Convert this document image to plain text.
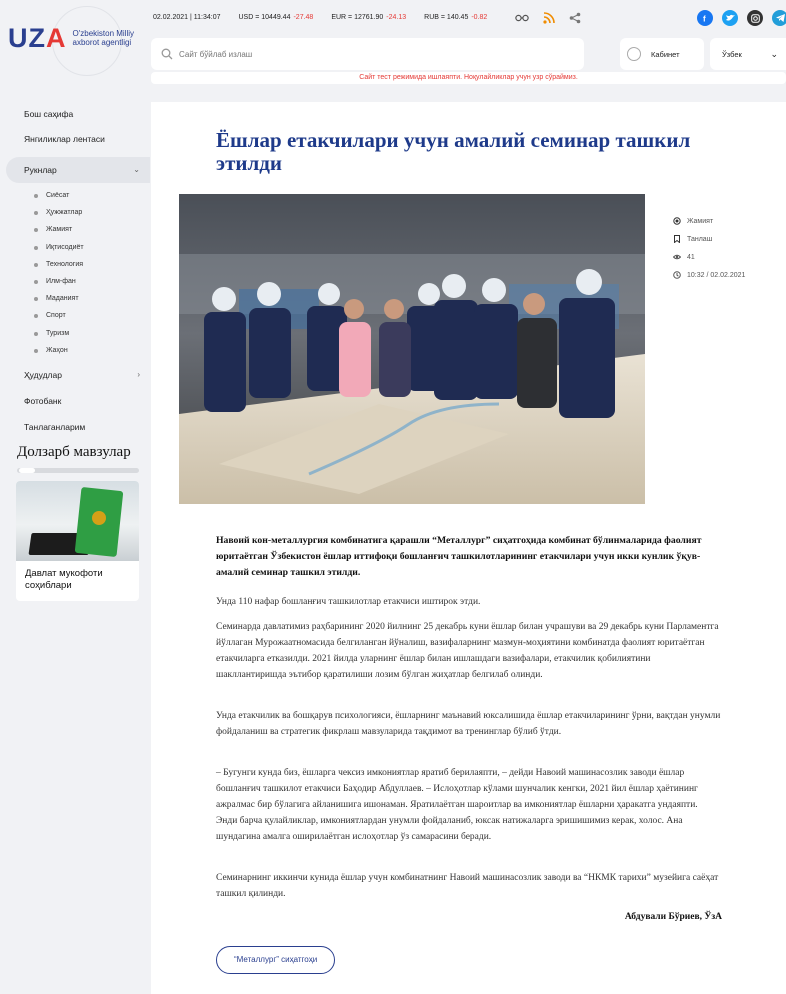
UZA O'zbekiston Milliy axborot agentligi
02.02.2021 | 11:34:07	USD = 10449.44 -27.48	EUR = 12761.90 -24.13	RUB = 140.45 -0.82	f
Сайт бўйлаб излаш
Кабинет	Ўзбек	⌄
Сайт тест режимида ишлаяпти. Ноқулайликлар учун узр сўраймиз.
Бош саҳифа
Янгиликлар лентаси
Рукнлар	⌄
Сиёсат
Ҳужжатлар
Жамият
Иқтисодиёт
Технология
Илм-фан
Маданият
Спорт
Туризм
Жаҳон
Ҳудудлар	›
Фотобанк
Танлаганларим
Долзарб мавзулар
Давлат мукофоти соҳиблари
Ёшлар етакчилари учун амалий семинар ташкил этилди
Жамият
Танлаш
41
10:32 / 02.02.2021

Навоий кон-металлургия комбинатига қарашли “Металлург” сиҳатгоҳида комбинат бўлинмаларида фаолият юритаётган Ўзбекистон ёшлар иттифоқи бошланғич ташкилотларининг етакчилари учун икки кунлик ўқув-амалий семинар ташкил этилди.

Унда 110 нафар бошланғич ташкилотлар етакчиси иштирок этди.

Семинарда давлатимиз раҳбарининг 2020 йилнинг 25 декабрь куни ёшлар билан учрашуви ва 29 декабрь куни Парламентга йўллаган Мурожаатномасида белгиланган йўналиш, вазифаларнинг мазмун-моҳиятини комбинатда фаолият юритаётган етакчиларга етказилди. 2021 йилда уларнинг ёшлар билан ишлашдаги вазифалари, етакчилик қобилиятини шакллантиришда эътибор қаратилиши лозим бўлган жиҳатлар белгилаб олинди.

Унда етакчилик ва бошқарув психологияси, ёшларнинг маънавий юксалишида ёшлар етакчиларининг ўрни, вақтдан унумли фойдаланиш ва стратегик фикрлаш мавзуларида тақдимот ва тренинглар бўлиб ўтди.

– Бугунги кунда биз, ёшларга чексиз имкониятлар яратиб берилаяпти, – дейди Навоий машинасозлик заводи ёшлар бошланғич ташкилот етакчиси Баҳодир Абдуллаев. – Ислоҳотлар кўлами шунчалик кенгки, 2021 йил ёшлар ҳаётининг ажралмас бир бўлагига айланишига ишонаман. Яратилаётган шароитлар ва имкониятлар ёшларни ҳаракатга ундаяпти. Энди барча қулайликлар, имкониятлардан унумли фойдаланиб, юксак натижаларга эришишимиз керак, холос. Ана шундагина амалга оширилаётган ислоҳотлар ўз самарасини беради.

Семинарнинг иккинчи кунида ёшлар учун комбинатнинг Навоий машинасозлик заводи ва “НКМК тарихи” музейига саёҳат ташкил қилинди.

Абдували Бўриев, ЎзА
“Металлург” сиҳатгоҳи
